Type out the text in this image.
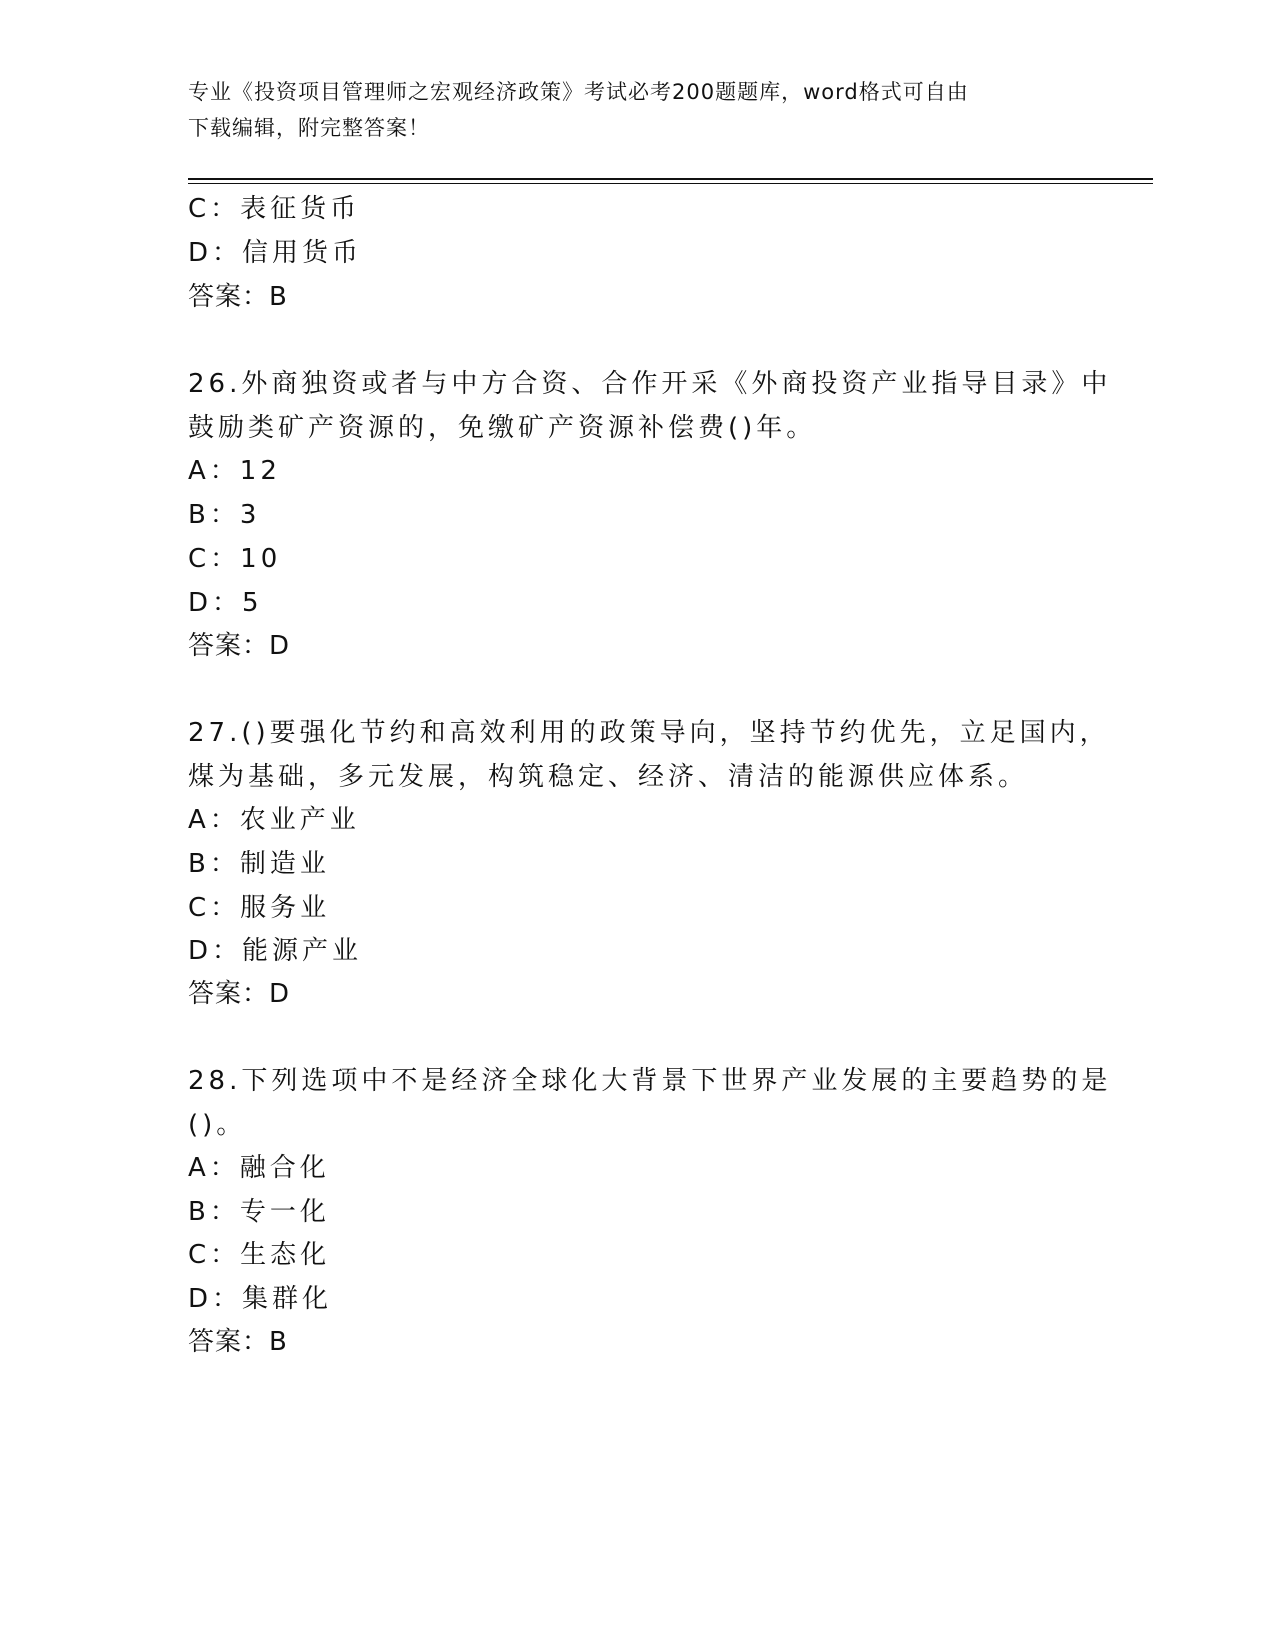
专业《投资项目管理师之宏观经济政策》考试必考200题题库，word格式可自由
下载编辑，附完整答案！
C：表征货币
D：信用货币
答案：B
26.外商独资或者与中方合资、合作开采《外商投资产业指导目录》中
鼓励类矿产资源的，免缴矿产资源补偿费()年。
A：12
B：3
C：10
D：5
答案：D
27.()要强化节约和高效利用的政策导向，坚持节约优先，立足国内，
煤为基础，多元发展，构筑稳定、经济、清洁的能源供应体系。
A：农业产业
B：制造业
C：服务业
D：能源产业
答案：D
28.下列选项中不是经济全球化大背景下世界产业发展的主要趋势的是
()。
A：融合化
B：专一化
C：生态化
D：集群化
答案：B
